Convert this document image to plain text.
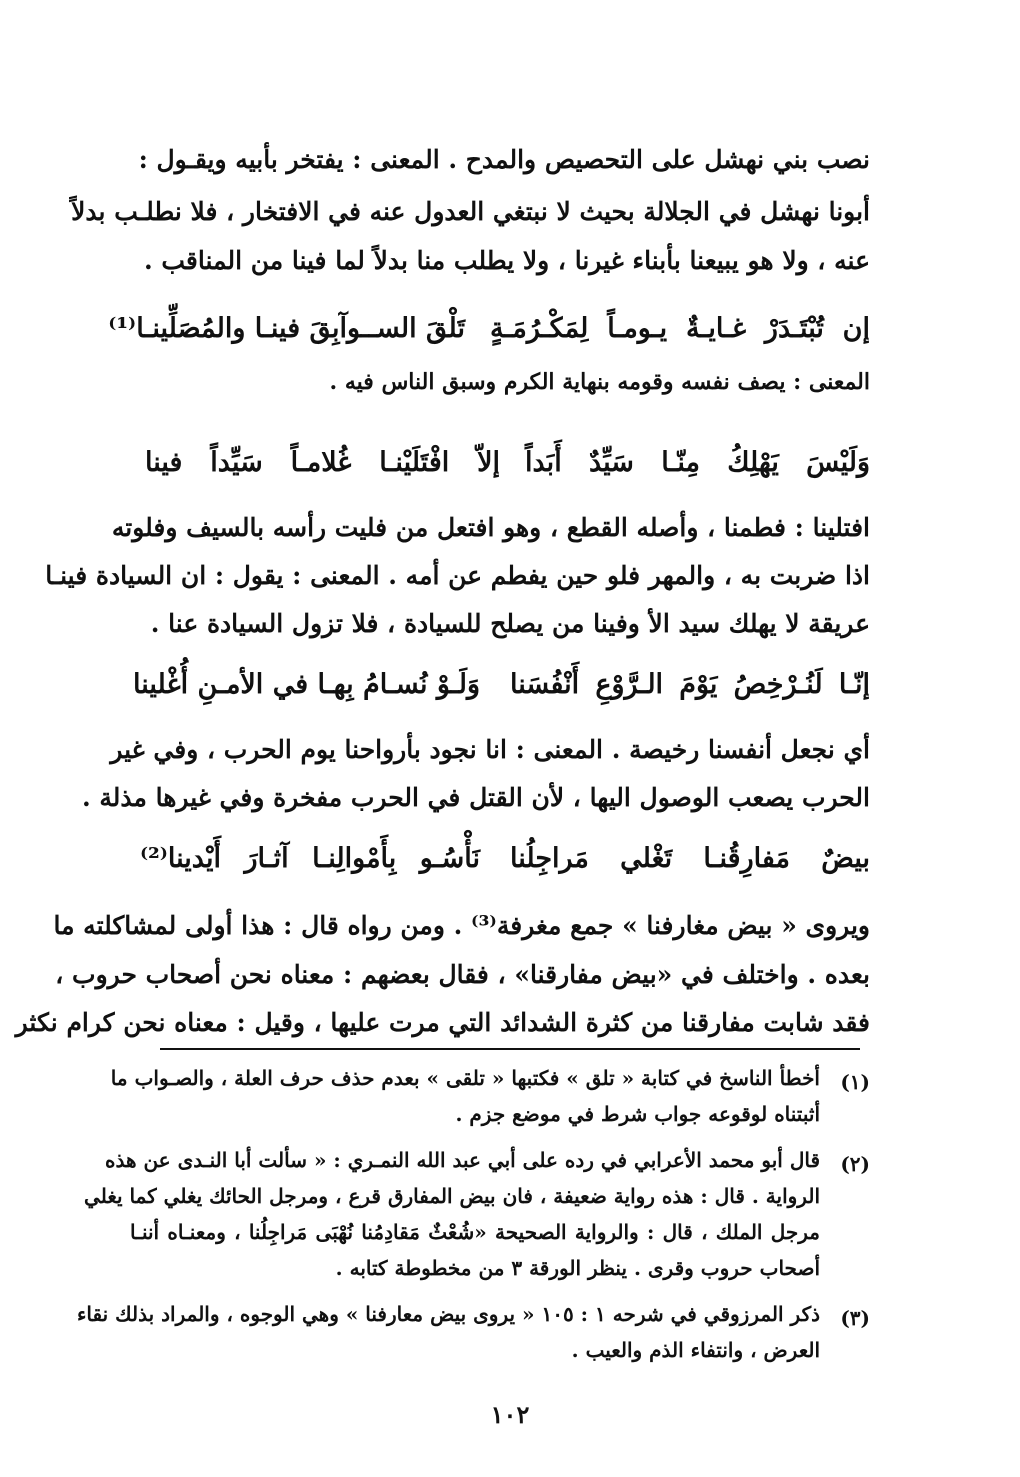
نصب بني نهشل على التحصيص والمدح . المعنى : يفتخر بأبيه ويقـول :
أبونا نهشل في الجلالة بحيث لا نبتغي العدول عنه في الافتخار ، فلا نطلـب بدلاً
عنه ، ولا هو يبيعنا بأبناء غيرنا ، ولا يطلب منا بدلاً لما فينا من المناقب .
إن تُبْتَـدَرْ غـايـةٌ يـومـاً لِمَكْـرُمَـةٍ
تَلْقَ الســوآبِقَ فينـا والمُصَلِّينـا⁽¹⁾
المعنى : يصف نفسه وقومه بنهاية الكرم وسبق الناس فيه .
وَلَيْسَ يَهْلِكُ مِنّـا سَيِّدٌ أَبَداً
إلاّ افْتَلَيْنـا غُلامـاً سَيِّداً فينا
افتلينا : فطمنا ، وأصله القطع ، وهو افتعل من فليت رأسه بالسيف وفلوته
اذا ضربت به ، والمهر فلو حين يفطم عن أمه . المعنى : يقول : ان السيادة فينـا
عريقة لا يهلك سيد الأ وفينا من يصلح للسيادة ، فلا تزول السيادة عنا .
إنّـا لَنُـرْخِصُ يَوْمَ الـرَّوْعِ أَنْفُسَنا
وَلَـوْ نُسـامُ بِهـا في الأمـنِ أُغْلينا
أي نجعل أنفسنا رخيصة . المعنى : انا نجود بأرواحنا يوم الحرب ، وفي غير
الحرب يصعب الوصول اليها ، لأن القتل في الحرب مفخرة وفي غيرها مذلة .
بيضٌ مَفارِقُنـا تَغْلي مَراجِلُنا
نَأْسُـو بِأَمْوالِنـا آثـارَ أَيْدينا⁽²⁾
ويروى « بيض مغارفنا » جمع مغرفة⁽³⁾ . ومن رواه قال : هذا أولى لمشاكلته ما
بعده . واختلف في «بيض مفارقنا» ، فقال بعضهم : معناه نحن أصحاب حروب ،
فقد شابت مفارقنا من كثرة الشدائد التي مرت عليها ، وقيل : معناه نحن كرام نكثر
(١)
أخطأ الناسخ في كتابة « تلق » فكتبها « تلقى » بعدم حذف حرف العلة ، والصـواب ما
أثبتناه لوقوعه جواب شرط في موضع جزم .
(٢)
قال أبو محمد الأعرابي في رده على أبي عبد الله النمـري : « سألت أبا النـدى عن هذه
الرواية . قال : هذه رواية ضعيفة ، فان بيض المفارق قرع ، ومرجل الحائك يغلي كما يغلي
مرجل الملك ، قال : والرواية الصحيحة «شُعْثٌ مَقادِمُنا نُهْبَى مَراجِلُنا ، ومعنـاه أننـا
أصحاب حروب وقرى . ينظر الورقة ٣ من مخطوطة كتابه .
(٣)
ذكر المرزوقي في شرحه ١ : ١٠٥ « يروى بيض معارفنا » وهي الوجوه ، والمراد بذلك نقاء
العرض ، وانتفاء الذم والعيب .
١٠٢
